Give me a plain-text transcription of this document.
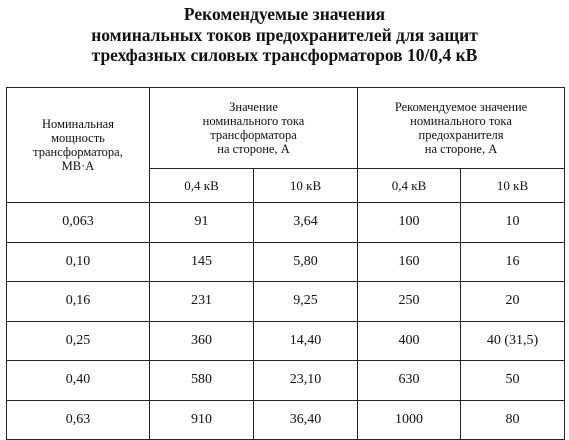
Рекомендуемые значения
номинальных токов предохранителей для защит
трехфазных силовых трансформаторов 10/0,4 кВ
Номинальная
мощность
трансформатора,
МВ·А	Значение
номинального тока
трансформатора
на стороне, А		Рекомендуемое значение
номинального тока
предохранителя
на стороне, А	
	0,4 кВ	10 кВ	0,4 кВ	10 кВ
0,063	91	3,64	100	10
0,10	145	5,80	160	16
0,16	231	9,25	250	20
0,25	360	14,40	400	40 (31,5)
0,40	580	23,10	630	50
0,63	910	36,40	1000	80
